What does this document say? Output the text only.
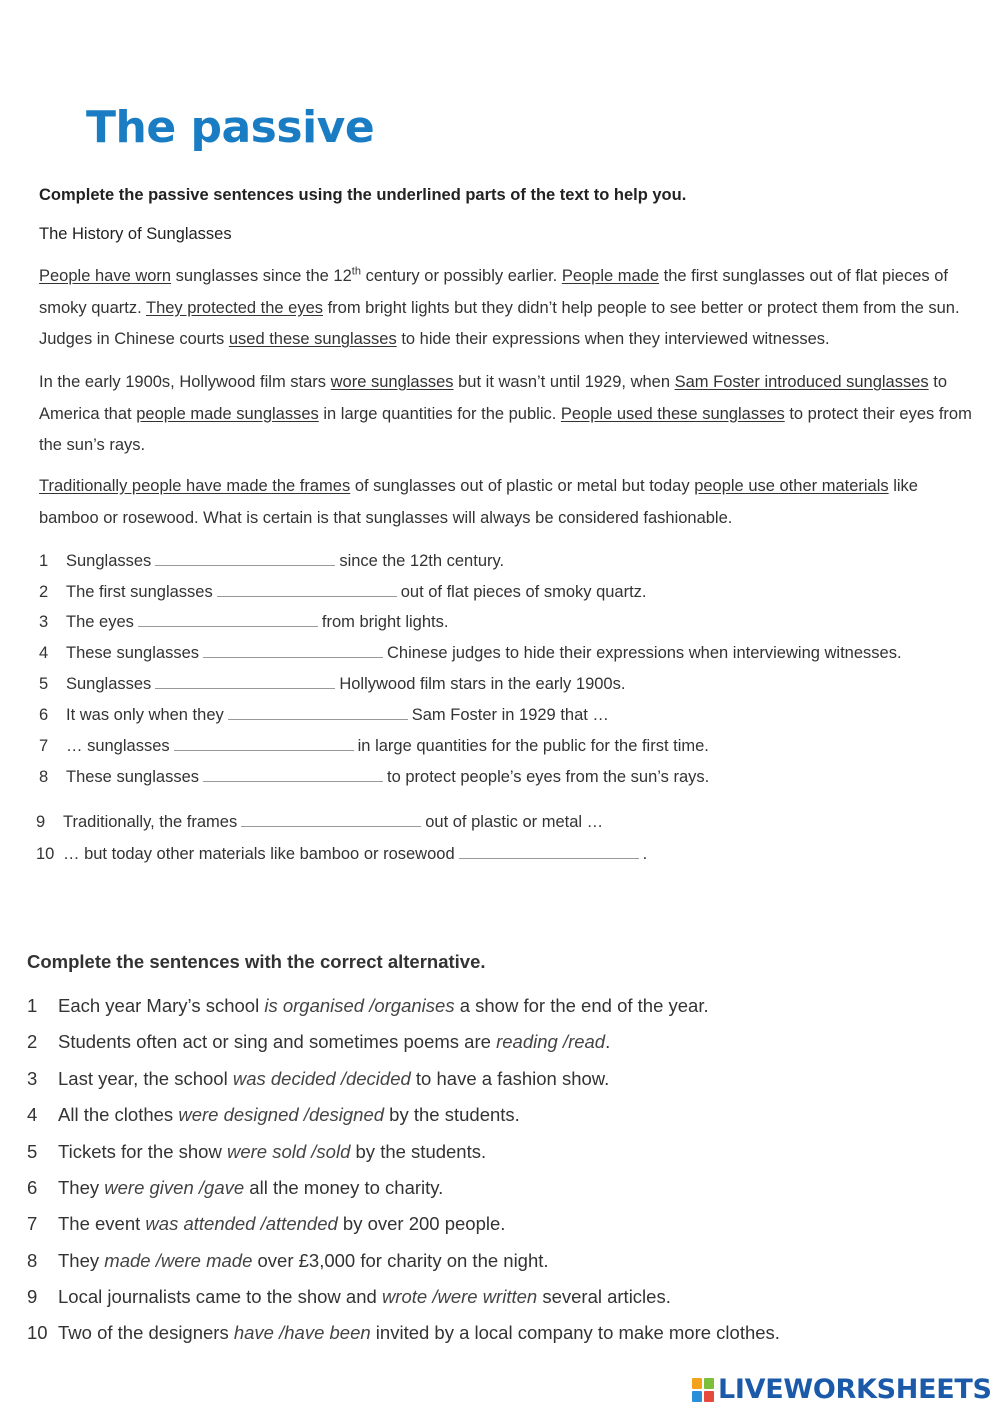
The passive
Complete the passive sentences using the underlined parts of the text to help you.
The History of Sunglasses

People have worn sunglasses since the 12th century or possibly earlier. People made the first sunglasses out of flat pieces of smoky quartz. They protected the eyes from bright lights but they didn’t help people to see better or protect them from the sun. Judges in Chinese courts used these sunglasses to hide their expressions when they interviewed witnesses.

In the early 1900s, Hollywood film stars wore sunglasses but it wasn’t until 1929, when Sam Foster introduced sunglasses to America that people made sunglasses in large quantities for the public. People used these sunglasses to protect their eyes from the sun’s rays.

Traditionally people have made the frames of sunglasses out of plastic or metal but today people use other materials like bamboo or rosewood. What is certain is that sunglasses will always be considered fashionable.

1 Sunglasses	since the 12th century.
2 The first sunglasses	out of flat pieces of smoky quartz.
3 The eyes	from bright lights.
4 These sunglasses	Chinese judges to hide their expressions when interviewing witnesses.
5 Sunglasses	Hollywood film stars in the early 1900s.
6 It was only when they	Sam Foster in 1929 that …
7 … sunglasses	in large quantities for the public for the first time.
8 These sunglasses	to protect people’s eyes from the sun’s rays.
9 Traditionally, the frames	out of plastic or metal …
10 … but today other materials like bamboo or rosewood	.
Complete the sentences with the correct alternative.
1 Each year Mary’s school is organised /organises a show for the end of the year.
2 Students often act or sing and sometimes poems are reading /read.
3 Last year, the school was decided /decided to have a fashion show.
4 All the clothes were designed /designed by the students.
5 Tickets for the show were sold /sold by the students.
6 They were given /gave all the money to charity.
7 The event was attended /attended by over 200 people.
8 They made /were made over £3,000 for charity on the night.
9 Local journalists came to the show and wrote /were written several articles.
10 Two of the designers have /have been invited by a local company to make more clothes.
LIVEWORKSHEETS
